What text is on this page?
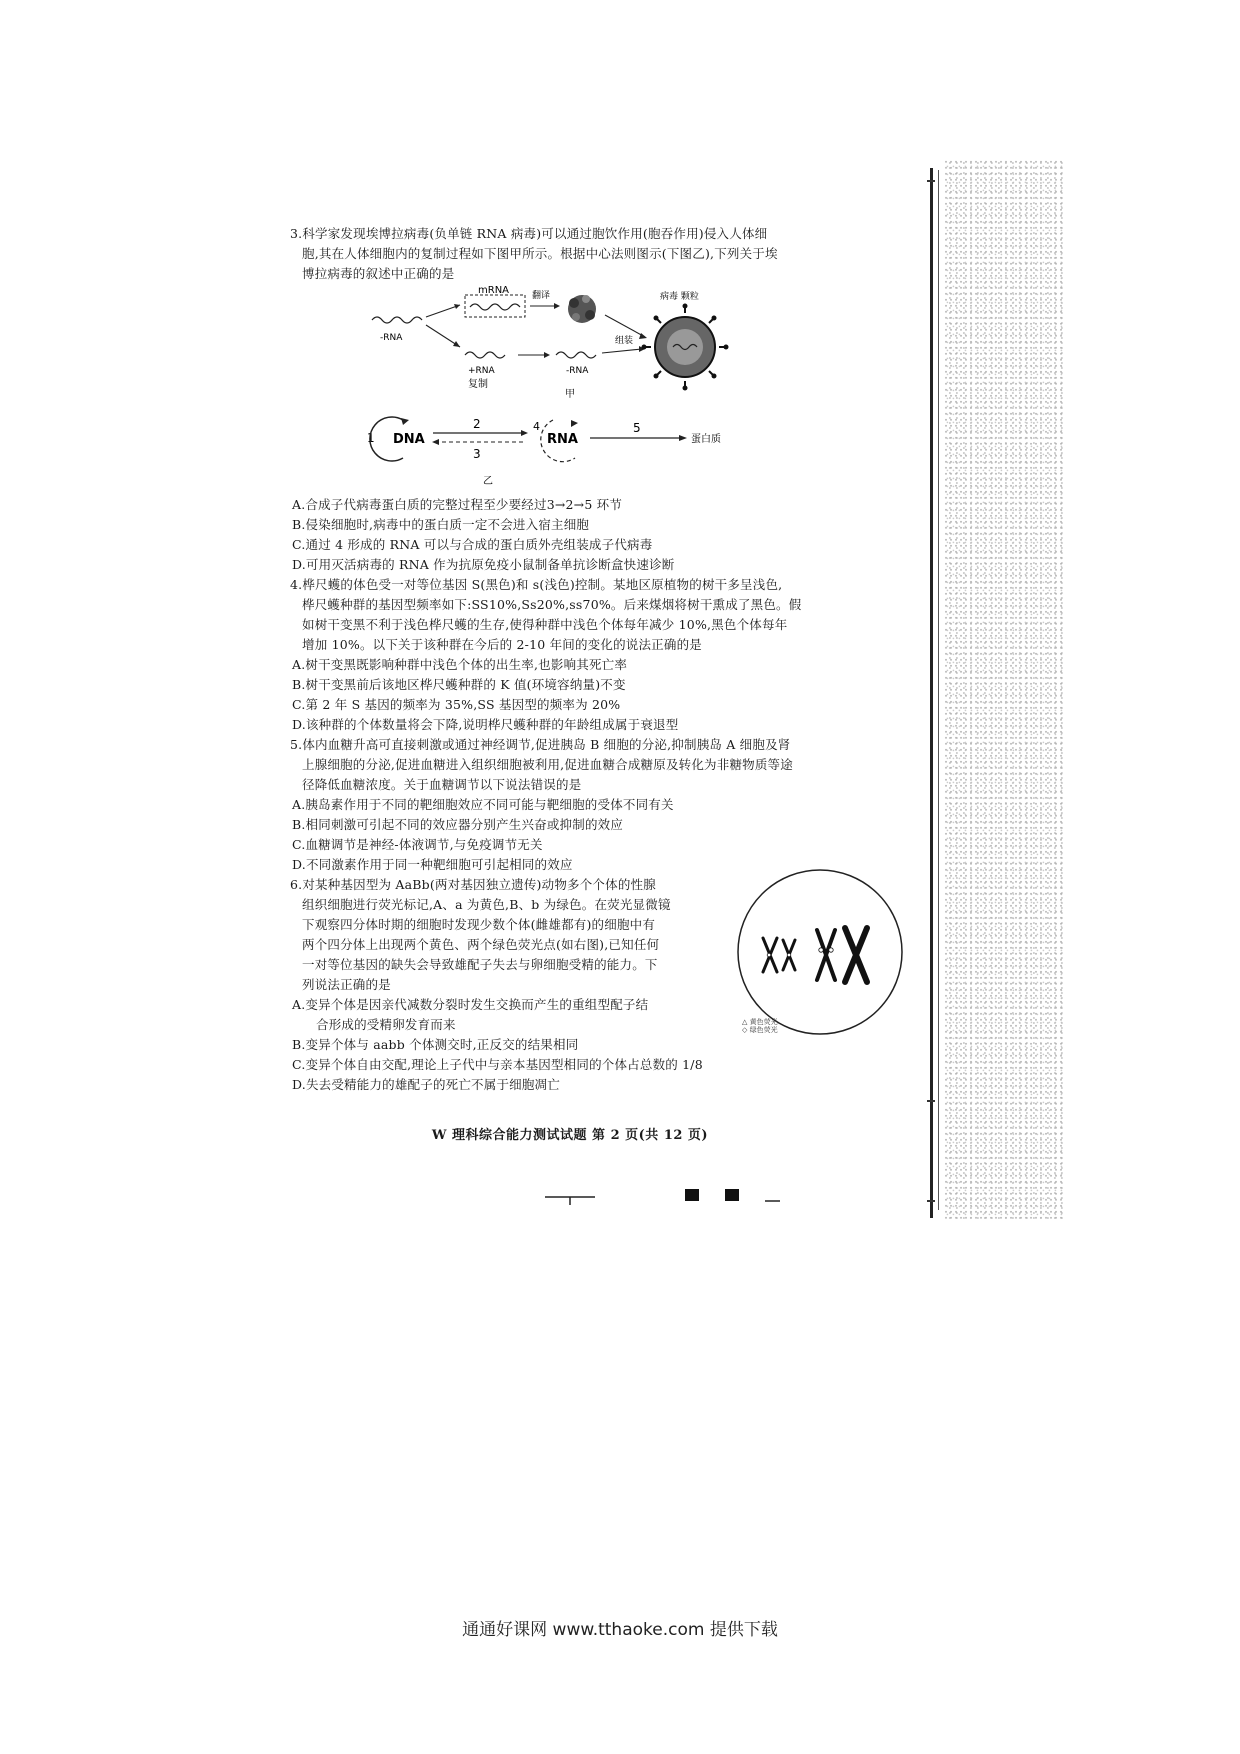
3.科学家发现埃博拉病毒(负单链 RNA 病毒)可以通过胞饮作用(胞吞作用)侵入人体细
胞,其在人体细胞内的复制过程如下图甲所示。根据中心法则图示(下图乙),下列关于埃
博拉病毒的叙述中正确的是
-RNA
mRNA	翻译
+RNA
复制
-RNA
组装
病毒 颗粒
甲
1 DNA
2
3
4
RNA
5
蛋白质
乙
A.合成子代病毒蛋白质的完整过程至少要经过3→2→5 环节
B.侵染细胞时,病毒中的蛋白质一定不会进入宿主细胞
C.通过 4 形成的 RNA 可以与合成的蛋白质外壳组装成子代病毒
D.可用灭活病毒的 RNA 作为抗原免疫小鼠制备单抗诊断盒快速诊断
4.桦尺蠖的体色受一对等位基因 S(黑色)和 s(浅色)控制。某地区原植物的树干多呈浅色,
桦尺蠖种群的基因型频率如下:SS10%,Ss20%,ss70%。后来煤烟将树干熏成了黑色。假
如树干变黑不利于浅色桦尺蠖的生存,使得种群中浅色个体每年减少 10%,黑色个体每年
增加 10%。以下关于该种群在今后的 2-10 年间的变化的说法正确的是
A.树干变黑既影响种群中浅色个体的出生率,也影响其死亡率
B.树干变黑前后该地区桦尺蠖种群的 K 值(环境容纳量)不变
C.第 2 年 S 基因的频率为 35%,SS 基因型的频率为 20%
D.该种群的个体数量将会下降,说明桦尺蠖种群的年龄组成属于衰退型
5.体内血糖升高可直接刺激或通过神经调节,促进胰岛 B 细胞的分泌,抑制胰岛 A 细胞及肾
上腺细胞的分泌,促进血糖进入组织细胞被利用,促进血糖合成糖原及转化为非糖物质等途
径降低血糖浓度。关于血糖调节以下说法错误的是
A.胰岛素作用于不同的靶细胞效应不同可能与靶细胞的受体不同有关
B.相同刺激可引起不同的效应器分别产生兴奋或抑制的效应
C.血糖调节是神经-体液调节,与免疫调节无关
D.不同激素作用于同一种靶细胞可引起相同的效应
6.对某种基因型为 AaBb(两对基因独立遗传)动物多个个体的性腺
组织细胞进行荧光标记,A、a 为黄色,B、b 为绿色。在荧光显微镜
下观察四分体时期的细胞时发现少数个体(雌雄都有)的细胞中有
两个四分体上出现两个黄色、两个绿色荧光点(如右图),已知任何
一对等位基因的缺失会导致雄配子失去与卵细胞受精的能力。下
列说法正确的是
A.变异个体是因亲代减数分裂时发生交换而产生的重组型配子结
合形成的受精卵发育而来
B.变异个体与 aabb 个体测交时,正反交的结果相同
C.变异个体自由交配,理论上子代中与亲本基因型相同的个体占总数的 1/8
D.失去受精能力的雄配子的死亡不属于细胞凋亡
△ 黄色荧光
◇ 绿色荧光
W 理科综合能力测试试题 第 2 页(共 12 页)
通通好课网 www.tthaoke.com 提供下载
